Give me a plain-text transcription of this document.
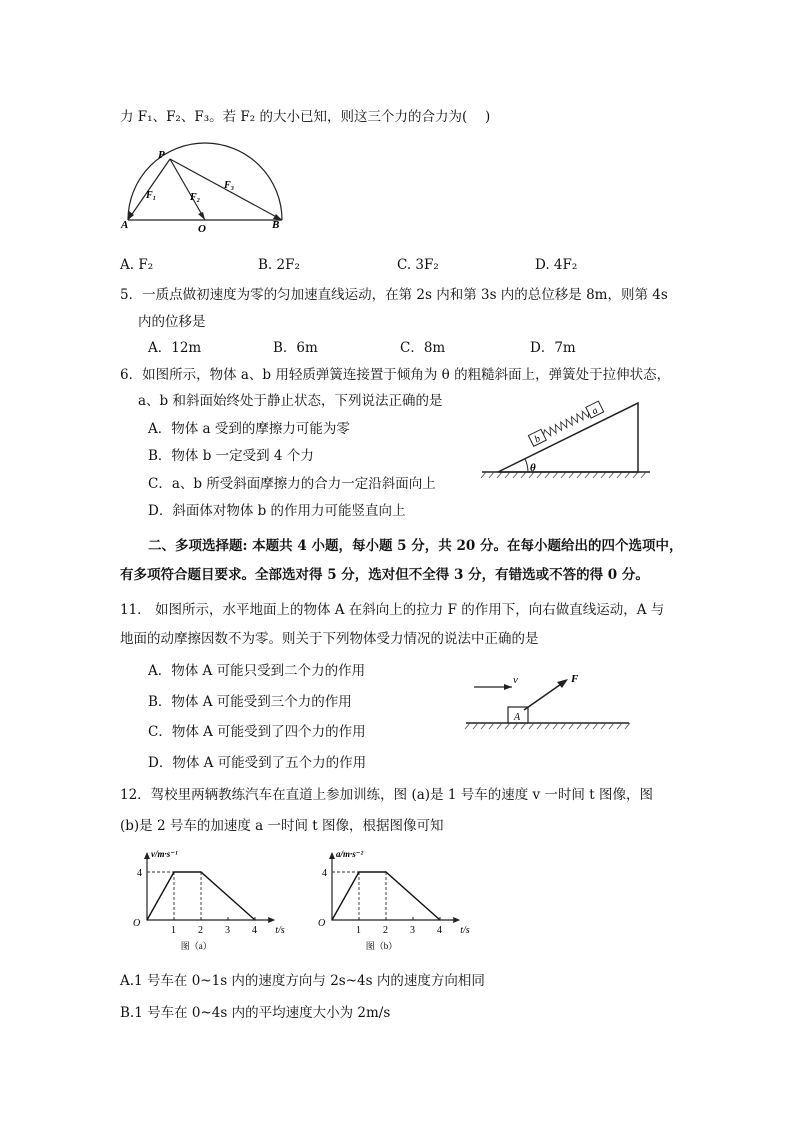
力 F₁、F₂、F₃。若 F₂ 的大小已知，则这三个力的合力为(　 )
P
A	O	B
F₁	F₂
F₃
A. F₂	B. 2F₂	C. 3F₂	D. 4F₂
5．一质点做初速度为零的匀加速直线运动，在第 2s 内和第 3s 内的总位移是 8m，则第 4s
内的位移是
A．12m	B．6m	C．8m	D．7m
6．如图所示，物体 a、b 用轻质弹簧连接置于倾角为 θ 的粗糙斜面上，弹簧处于拉伸状态，
a、b 和斜面始终处于静止状态，下列说法正确的是
A．物体 a 受到的摩擦力可能为零
B．物体 b 一定受到 4 个力
C．a、b 所受斜面摩擦力的合力一定沿斜面向上
D．斜面体对物体 b 的作用力可能竖直向上
θ
b
a
二、多项选择题: 本题共 4 小题，每小题 5 分，共 20 分。在每小题给出的四个选项中，
有多项符合题目要求。全部选对得 5 分，选对但不全得 3 分，有错选或不答的得 0 分。
11． 如图所示，水平地面上的物体 A 在斜向上的拉力 F 的作用下，向右做直线运动，A 与
地面的动摩擦因数不为零。则关于下列物体受力情况的说法中正确的是
A．物体 A 可能只受到二个力的作用
B．物体 A 可能受到三个力的作用
C．物体 A 可能受到了四个力的作用
D．物体 A 可能受到了五个力的作用
v
A
F
12．驾校里两辆教练汽车在直道上参加训练，图 (a)是 1 号车的速度 v 一时间 t 图像，图
(b)是 2 号车的加速度 a 一时间 t 图像，根据图像可知
1 2 3 4
4
O
v/m·s⁻¹
t/s
图（a）
1 2 3 4
4
O
a/m·s⁻²
t/s
图（b）
A.1 号车在 0~1s 内的速度方向与 2s~4s 内的速度方向相同
B.1 号车在 0~4s 内的平均速度大小为 2m/s
